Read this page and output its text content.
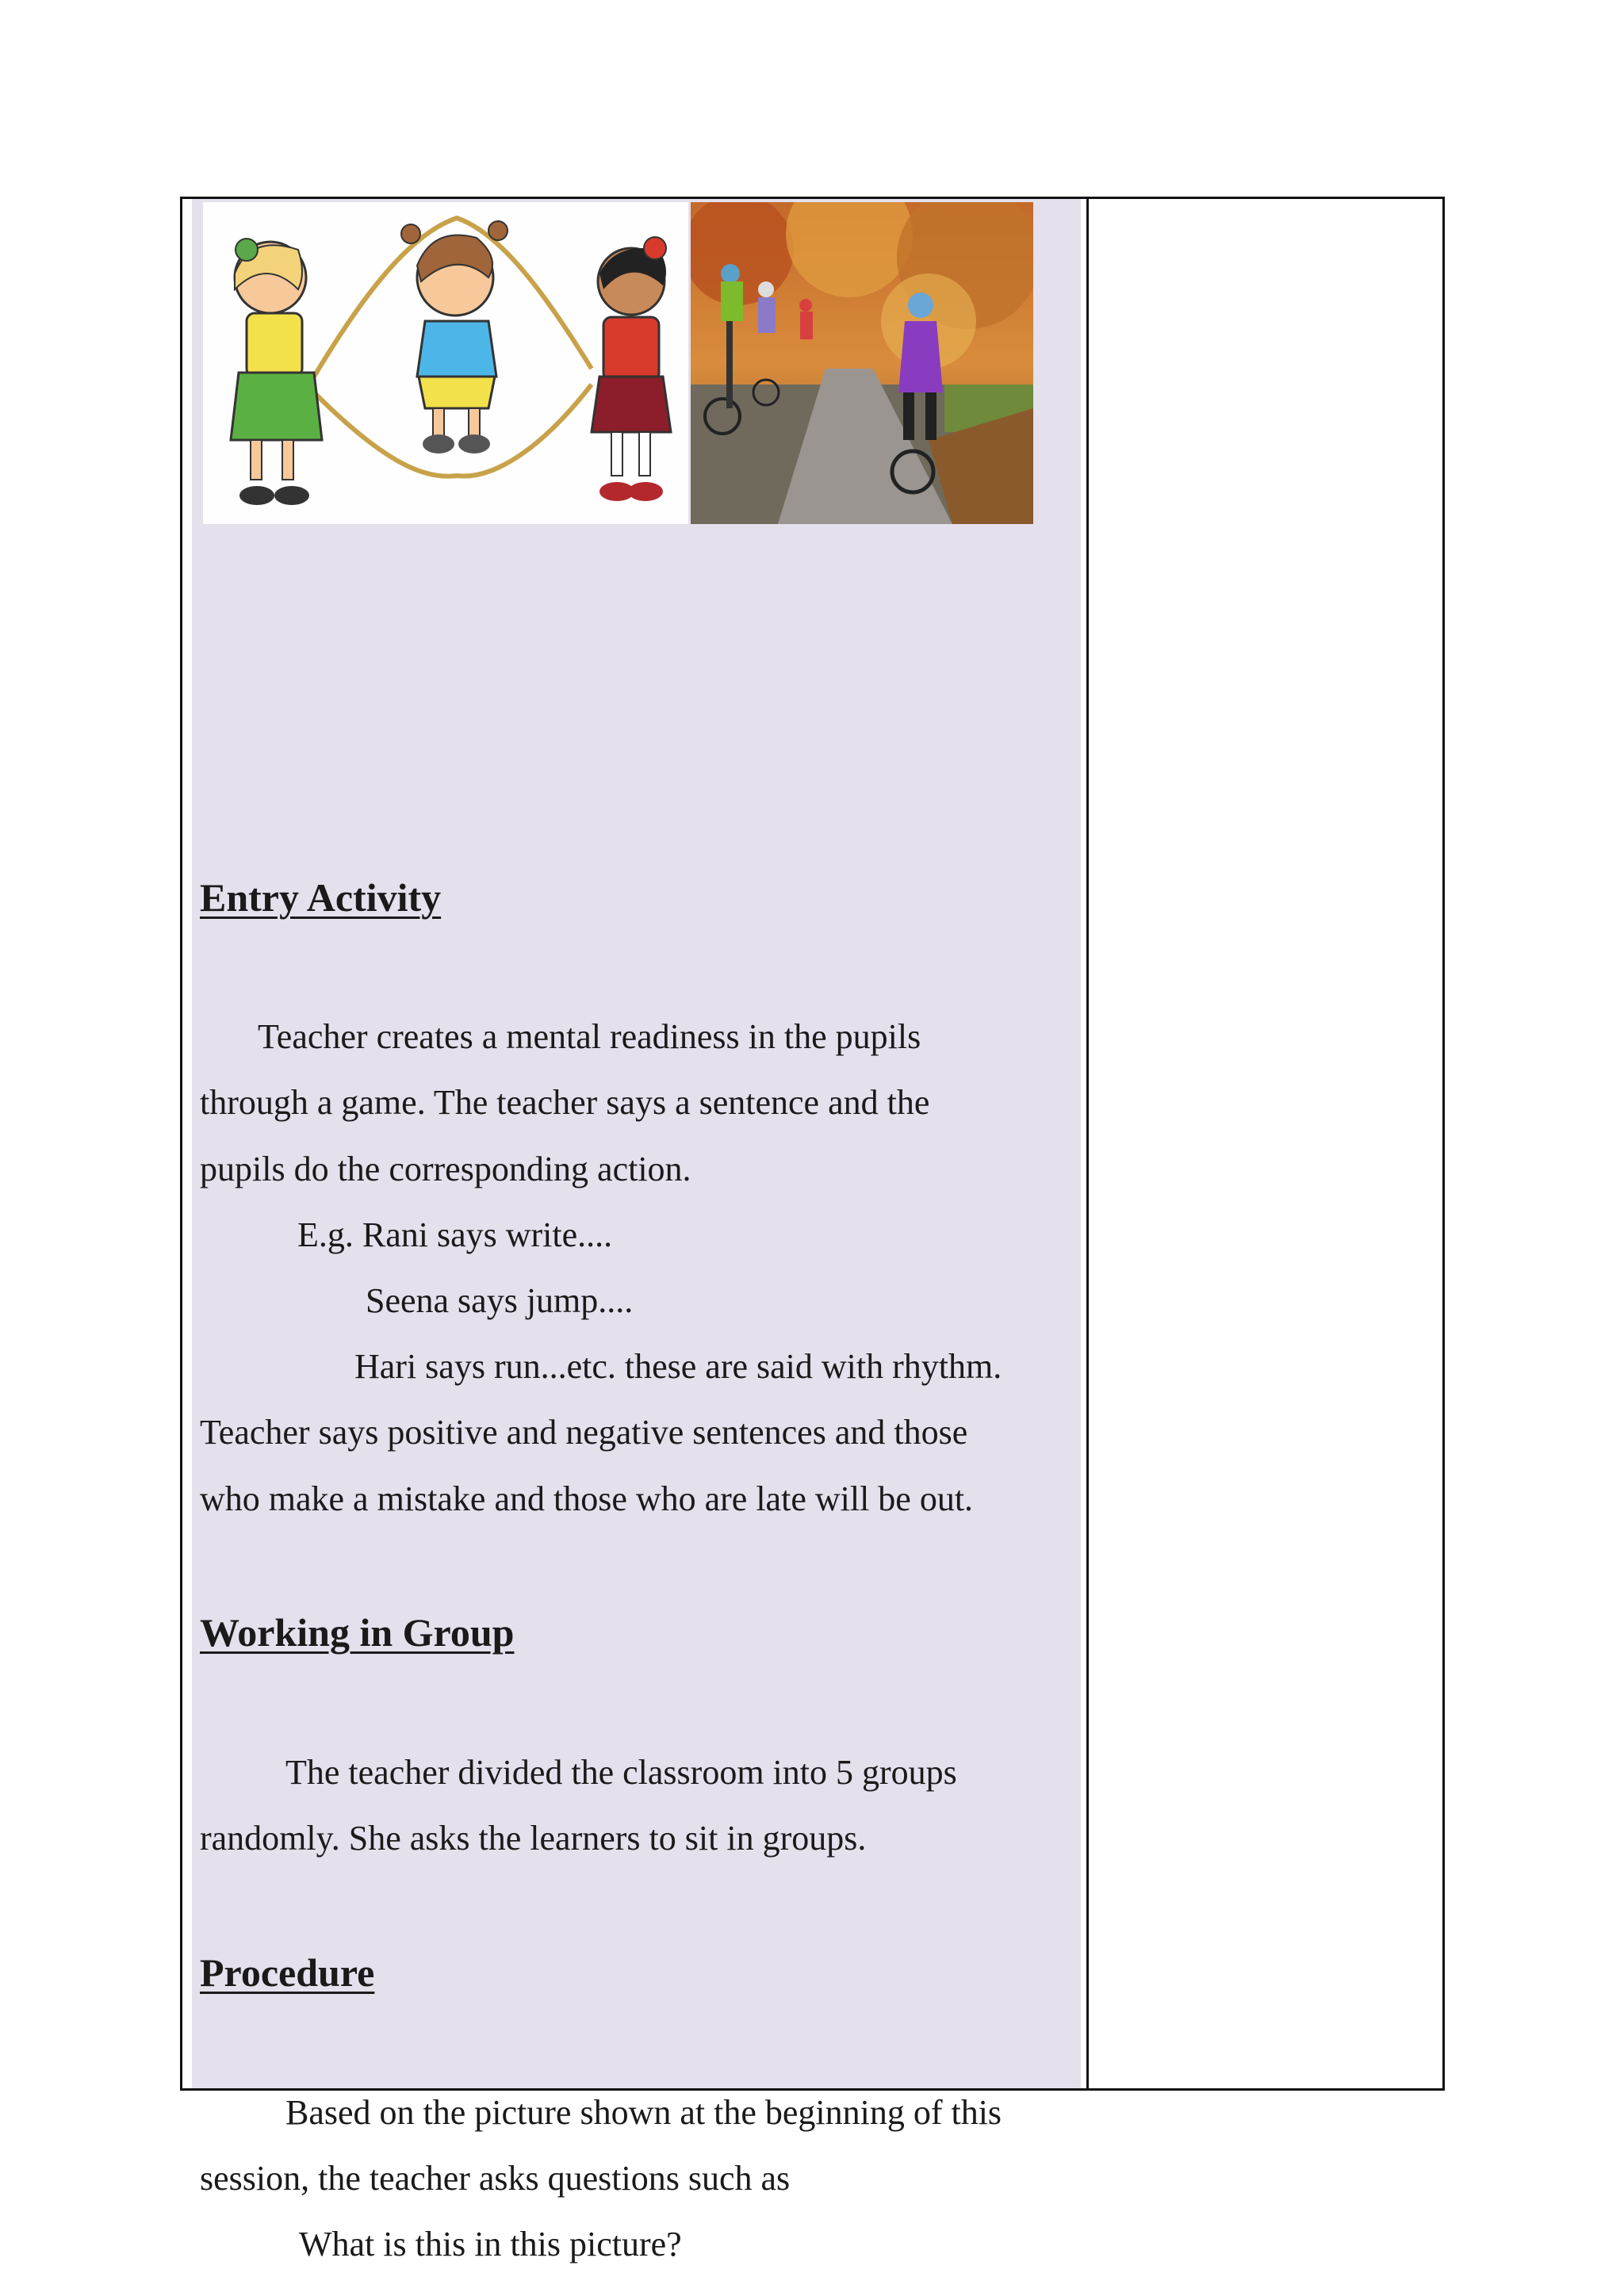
Entry Activity
Teacher creates a mental readiness in the pupils
through a game. The teacher says a sentence and the
pupils do the corresponding action.
E.g. Rani says write....
Seena says jump....
Hari says run...etc. these are said with rhythm.
Teacher says positive and negative sentences and those
who make a mistake and those who are late will be out.
Working in Group
The teacher divided the classroom into 5 groups
randomly. She asks the learners to sit in groups.
Procedure
Based on the picture shown at the beginning of this
session, the teacher asks questions such as
What is this in this picture?
